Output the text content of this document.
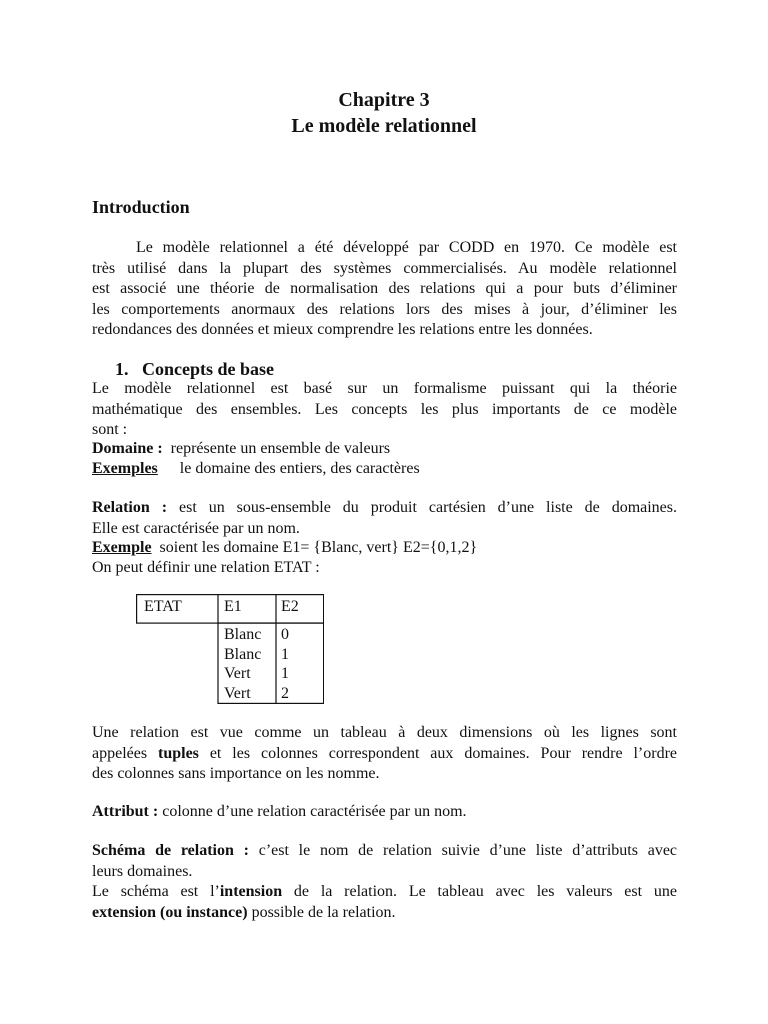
Chapitre 3
Le modèle relationnel
Introduction
Le modèle relationnel a été développé par CODD en 1970. Ce modèle est
très utilisé dans la plupart des systèmes commercialisés. Au modèle relationnel
est associé une théorie de normalisation des relations qui a pour buts d’éliminer
les comportements anormaux des relations lors des mises à jour, d’éliminer les
redondances des données et mieux comprendre les relations entre les données.
1. Concepts de base
Le modèle relationnel est basé sur un formalisme puissant qui la théorie
mathématique des ensembles. Les concepts les plus importants de ce modèle
sont :
Domaine : représente un ensemble de valeurs
Exemples le domaine des entiers, des caractères
Relation : est un sous-ensemble du produit cartésien d’une liste de domaines.
Elle est caractérisée par un nom.
Exemple soient les domaine E1= {Blanc, vert} E2={0,1,2}
On peut définir une relation ETAT :
ETAT	E1 E2
Blanc
Blanc
Vert
Vert
0
1
1
2
Une relation est vue comme un tableau à deux dimensions où les lignes sont
appelées tuples et les colonnes correspondent aux domaines. Pour rendre l’ordre
des colonnes sans importance on les nomme.
Attribut : colonne d’une relation caractérisée par un nom.
Schéma de relation : c’est le nom de relation suivie d’une liste d’attributs avec
leurs domaines.
Le schéma est l’intension de la relation. Le tableau avec les valeurs est une
extension (ou instance) possible de la relation.
